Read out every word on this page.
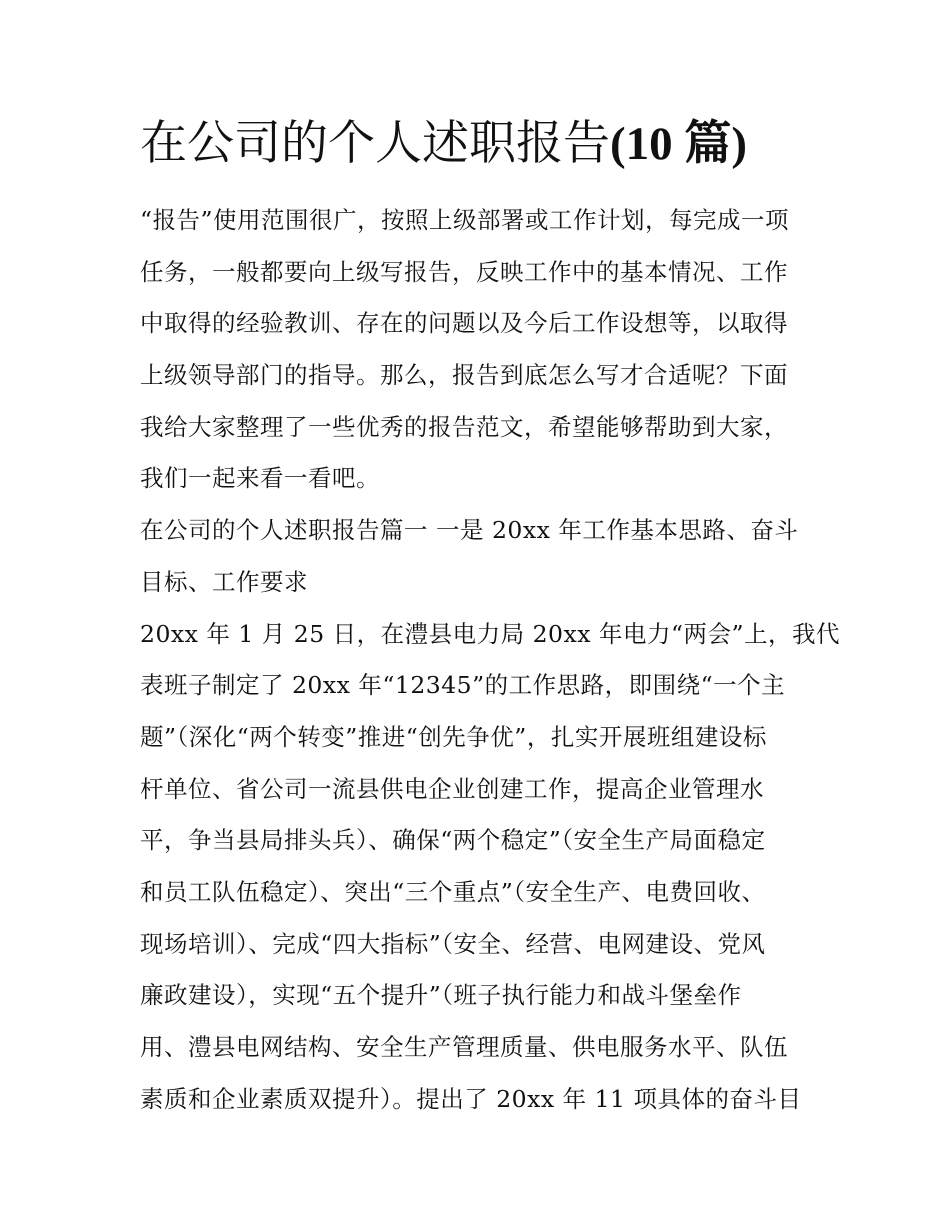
在公司的个人述职报告(10 篇)
“报告”使用范围很广，按照上级部署或工作计划，每完成一项
任务，一般都要向上级写报告，反映工作中的基本情况、工作
中取得的经验教训、存在的问题以及今后工作设想等，以取得
上级领导部门的指导。那么，报告到底怎么写才合适呢？下面
我给大家整理了一些优秀的报告范文，希望能够帮助到大家，
我们一起来看一看吧。
在公司的个人述职报告篇一 一是 20xx 年工作基本思路、奋斗
目标、工作要求
20xx 年 1 月 25 日，在澧县电力局 20xx 年电力“两会”上，我代
表班子制定了 20xx 年“12345”的工作思路，即围绕“一个主
题”（深化“两个转变”推进“创先争优”，扎实开展班组建设标
杆单位、省公司一流县供电企业创建工作，提高企业管理水
平，争当县局排头兵）、确保“两个稳定”（安全生产局面稳定
和员工队伍稳定）、突出“三个重点”（安全生产、电费回收、
现场培训）、完成“四大指标”（安全、经营、电网建设、党风
廉政建设），实现“五个提升”（班子执行能力和战斗堡垒作
用、澧县电网结构、安全生产管理质量、供电服务水平、队伍
素质和企业素质双提升）。提出了 20xx 年 11 项具体的奋斗目
